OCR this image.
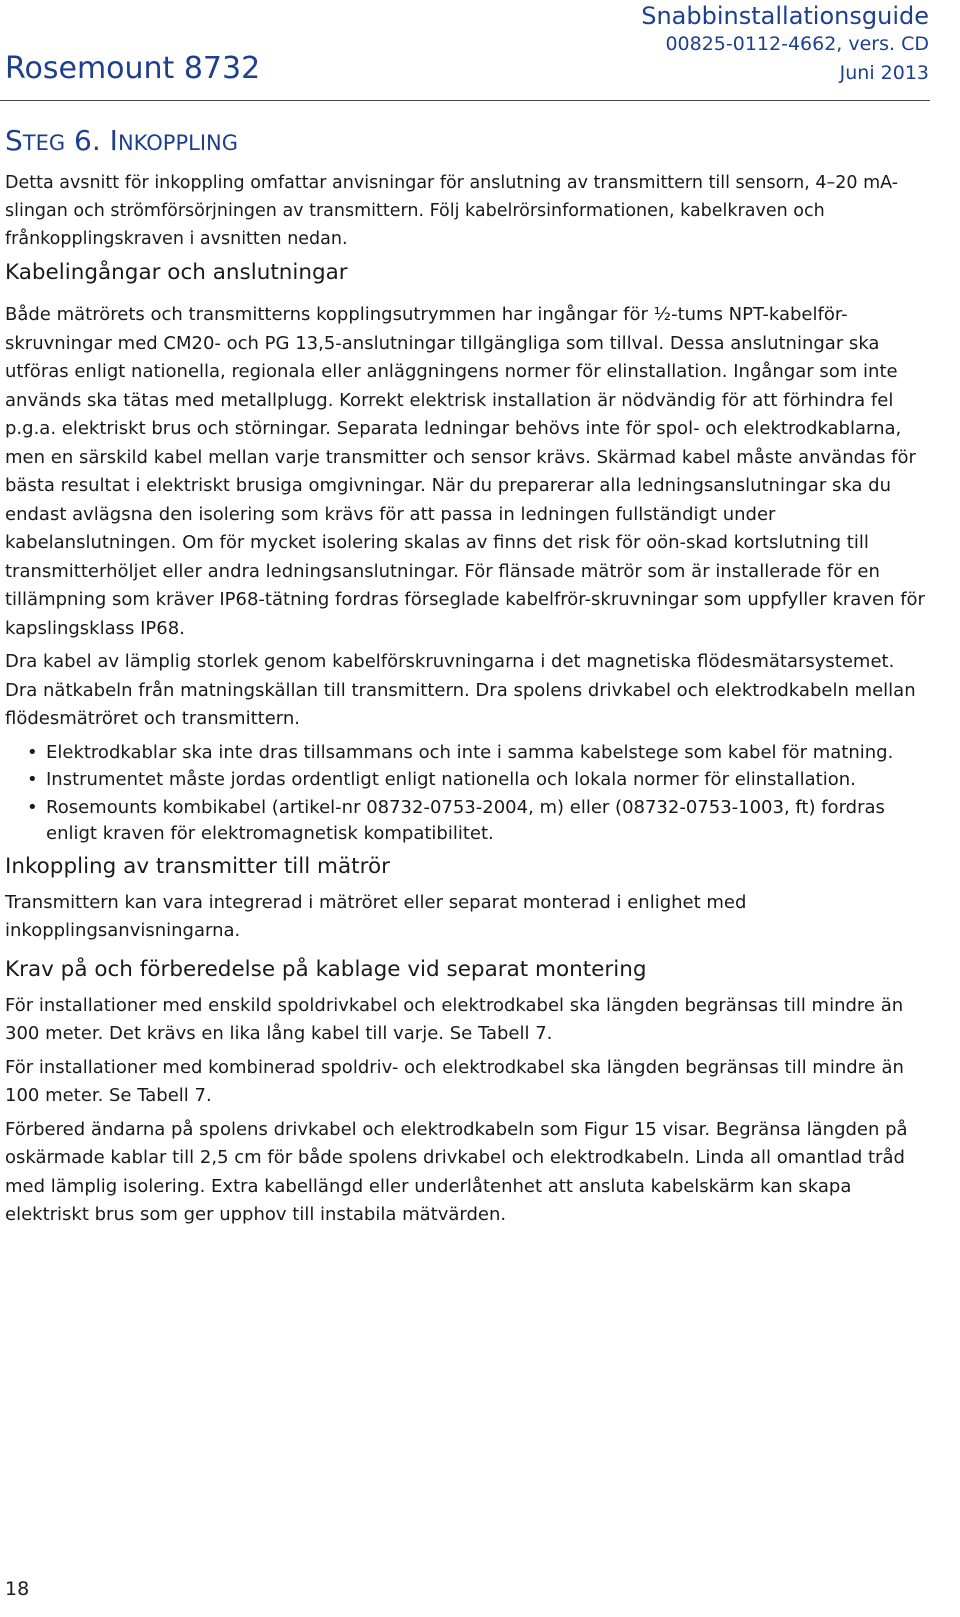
Rosemount 8732
Snabbinstallationsguide
00825-0112-4662, vers. CD
Juni 2013
STEG 6. INKOPPLING

Detta avsnitt för inkoppling omfattar anvisningar för anslutning av transmittern till sensorn, 4–20 mA-slingan och strömförsörjningen av transmittern. Följ kabelrörsinformationen, kabelkraven och frånkopplingskraven i avsnitten nedan.

Kabelingångar och anslutningar

Både mätrörets och transmitterns kopplingsutrymmen har ingångar för ½-tums NPT-kabelför-skruvningar med CM20- och PG 13,5-anslutningar tillgängliga som tillval. Dessa anslutningar ska utföras enligt nationella, regionala eller anläggningens normer för elinstallation. Ingångar som inte används ska tätas med metallplugg. Korrekt elektrisk installation är nödvändig för att förhindra fel p.g.a. elektriskt brus och störningar. Separata ledningar behövs inte för spol- och elektrodkablarna, men en särskild kabel mellan varje transmitter och sensor krävs. Skärmad kabel måste användas för bästa resultat i elektriskt brusiga omgivningar. När du preparerar alla ledningsanslutningar ska du endast avlägsna den isolering som krävs för att passa in ledningen fullständigt under kabelanslutningen. Om för mycket isolering skalas av finns det risk för oön-skad kortslutning till transmitterhöljet eller andra ledningsanslutningar. För flänsade mätrör som är installerade för en tillämpning som kräver IP68-tätning fordras förseglade kabelfrör-skruvningar som uppfyller kraven för kapslingsklass IP68.

Dra kabel av lämplig storlek genom kabelförskruvningarna i det magnetiska flödesmätarsystemet. Dra nätkabeln från matningskällan till transmittern. Dra spolens drivkabel och elektrodkabeln mellan flödesmätröret och transmittern.

• Elektrodkablar ska inte dras tillsammans och inte i samma kabelstege som kabel för matning.
• Instrumentet måste jordas ordentligt enligt nationella och lokala normer för elinstallation.
• Rosemounts kombikabel (artikel-nr 08732-0753-2004, m) eller (08732-0753-1003, ft) fordras enligt kraven för elektromagnetisk kompatibilitet.
Inkoppling av transmitter till mätrör

Transmittern kan vara integrerad i mätröret eller separat monterad i enlighet med inkopplingsanvisningarna.

Krav på och förberedelse på kablage vid separat montering

För installationer med enskild spoldrivkabel och elektrodkabel ska längden begränsas till mindre än 300 meter. Det krävs en lika lång kabel till varje. Se Tabell 7.

För installationer med kombinerad spoldriv- och elektrodkabel ska längden begränsas till mindre än 100 meter. Se Tabell 7.

Förbered ändarna på spolens drivkabel och elektrodkabeln som Figur 15 visar. Begränsa längden på oskärmade kablar till 2,5 cm för både spolens drivkabel och elektrodkabeln. Linda all omantlad tråd med lämplig isolering. Extra kabellängd eller underlåtenhet att ansluta kabelskärm kan skapa elektriskt brus som ger upphov till instabila mätvärden.

18
